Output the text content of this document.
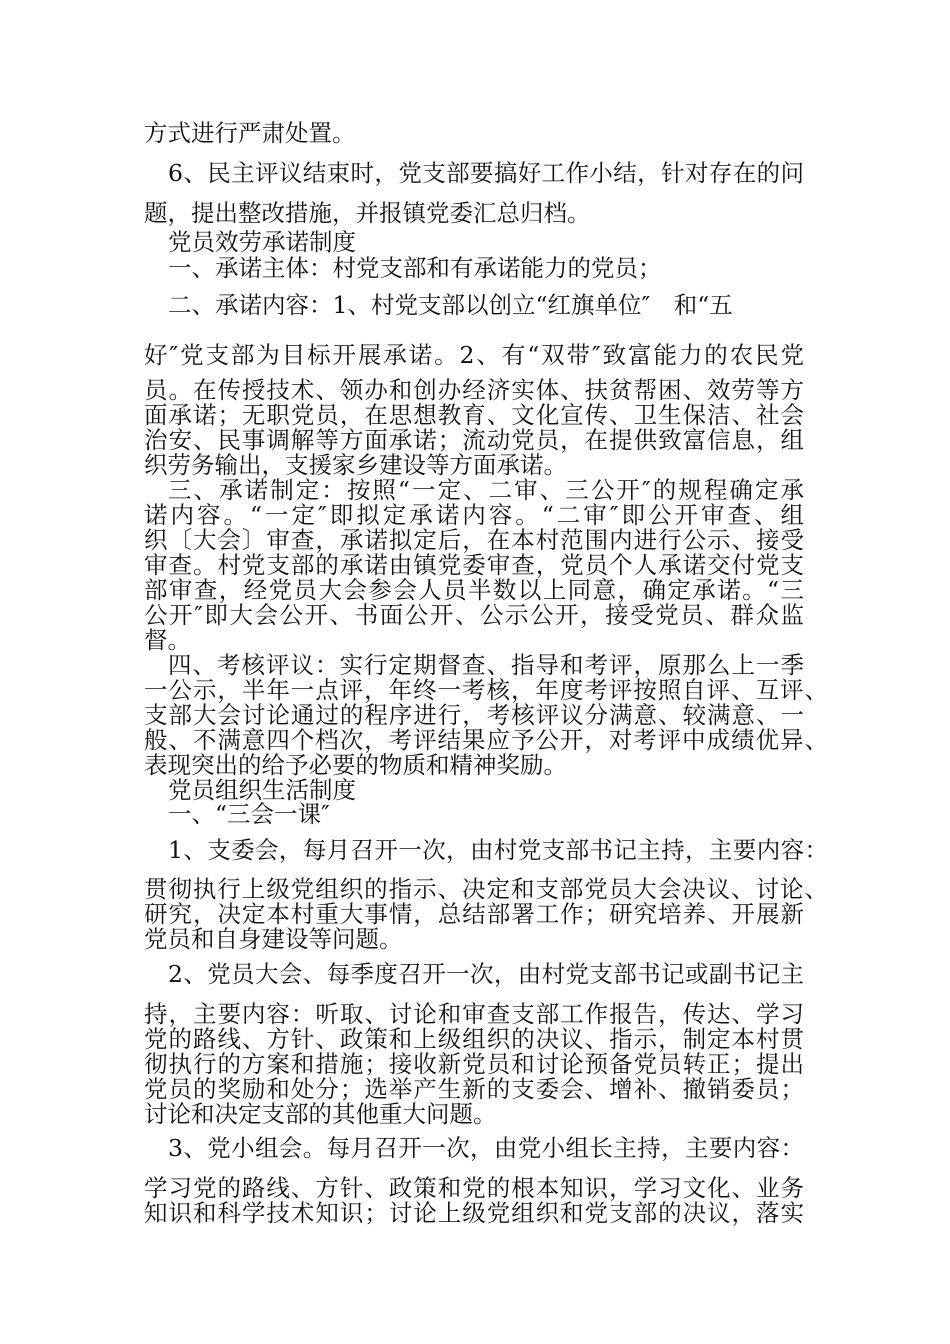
方式进行严肃处置。

6、民主评议结束时，党支部要搞好工作小结，针对存在的问

题，提出整改措施，并报镇党委汇总归档。

党员效劳承诺制度

一、承诺主体：村党支部和有承诺能力的党员；

二、承诺内容：1、村党支部以创立“红旗单位″　和“五

好″党支部为目标开展承诺。2、有“双带″致富能力的农民党

员。在传授技术、领办和创办经济实体、扶贫帮困、效劳等方

面承诺；无职党员，在思想教育、文化宣传、卫生保洁、社会

治安、民事调解等方面承诺；流动党员，在提供致富信息，组

织劳务输出，支援家乡建设等方面承诺。

三、承诺制定：按照“一定、二审、三公开″的规程确定承

诺内容。“一定″即拟定承诺内容。“二审″即公开审查、组

织〔大会〕审查，承诺拟定后，在本村范围内进行公示、接受

审查。村党支部的承诺由镇党委审查，党员个人承诺交付党支

部审查，经党员大会参会人员半数以上同意，确定承诺。“三

公开″即大会公开、书面公开、公示公开，接受党员、群众监

督。

四、考核评议：实行定期督查、指导和考评，原那么上一季

一公示，半年一点评，年终一考核，年度考评按照自评、互评、

支部大会讨论通过的程序进行，考核评议分满意、较满意、一

般、不满意四个档次，考评结果应予公开，对考评中成绩优异、

表现突出的给予必要的物质和精神奖励。

党员组织生活制度

一、“三会一课″

1、支委会，每月召开一次，由村党支部书记主持，主要内容：

贯彻执行上级党组织的指示、决定和支部党员大会决议、讨论、

研究，决定本村重大事情，总结部署工作；研究培养、开展新

党员和自身建设等问题。

2、党员大会、每季度召开一次，由村党支部书记或副书记主

持，主要内容：听取、讨论和审查支部工作报告，传达、学习

党的路线、方针、政策和上级组织的决议、指示，制定本村贯

彻执行的方案和措施；接收新党员和讨论预备党员转正；提出

党员的奖励和处分；选举产生新的支委会、增补、撤销委员；

讨论和决定支部的其他重大问题。

3、党小组会。每月召开一次，由党小组长主持，主要内容：

学习党的路线、方针、政策和党的根本知识，学习文化、业务

知识和科学技术知识；讨论上级党组织和党支部的决议，落实
